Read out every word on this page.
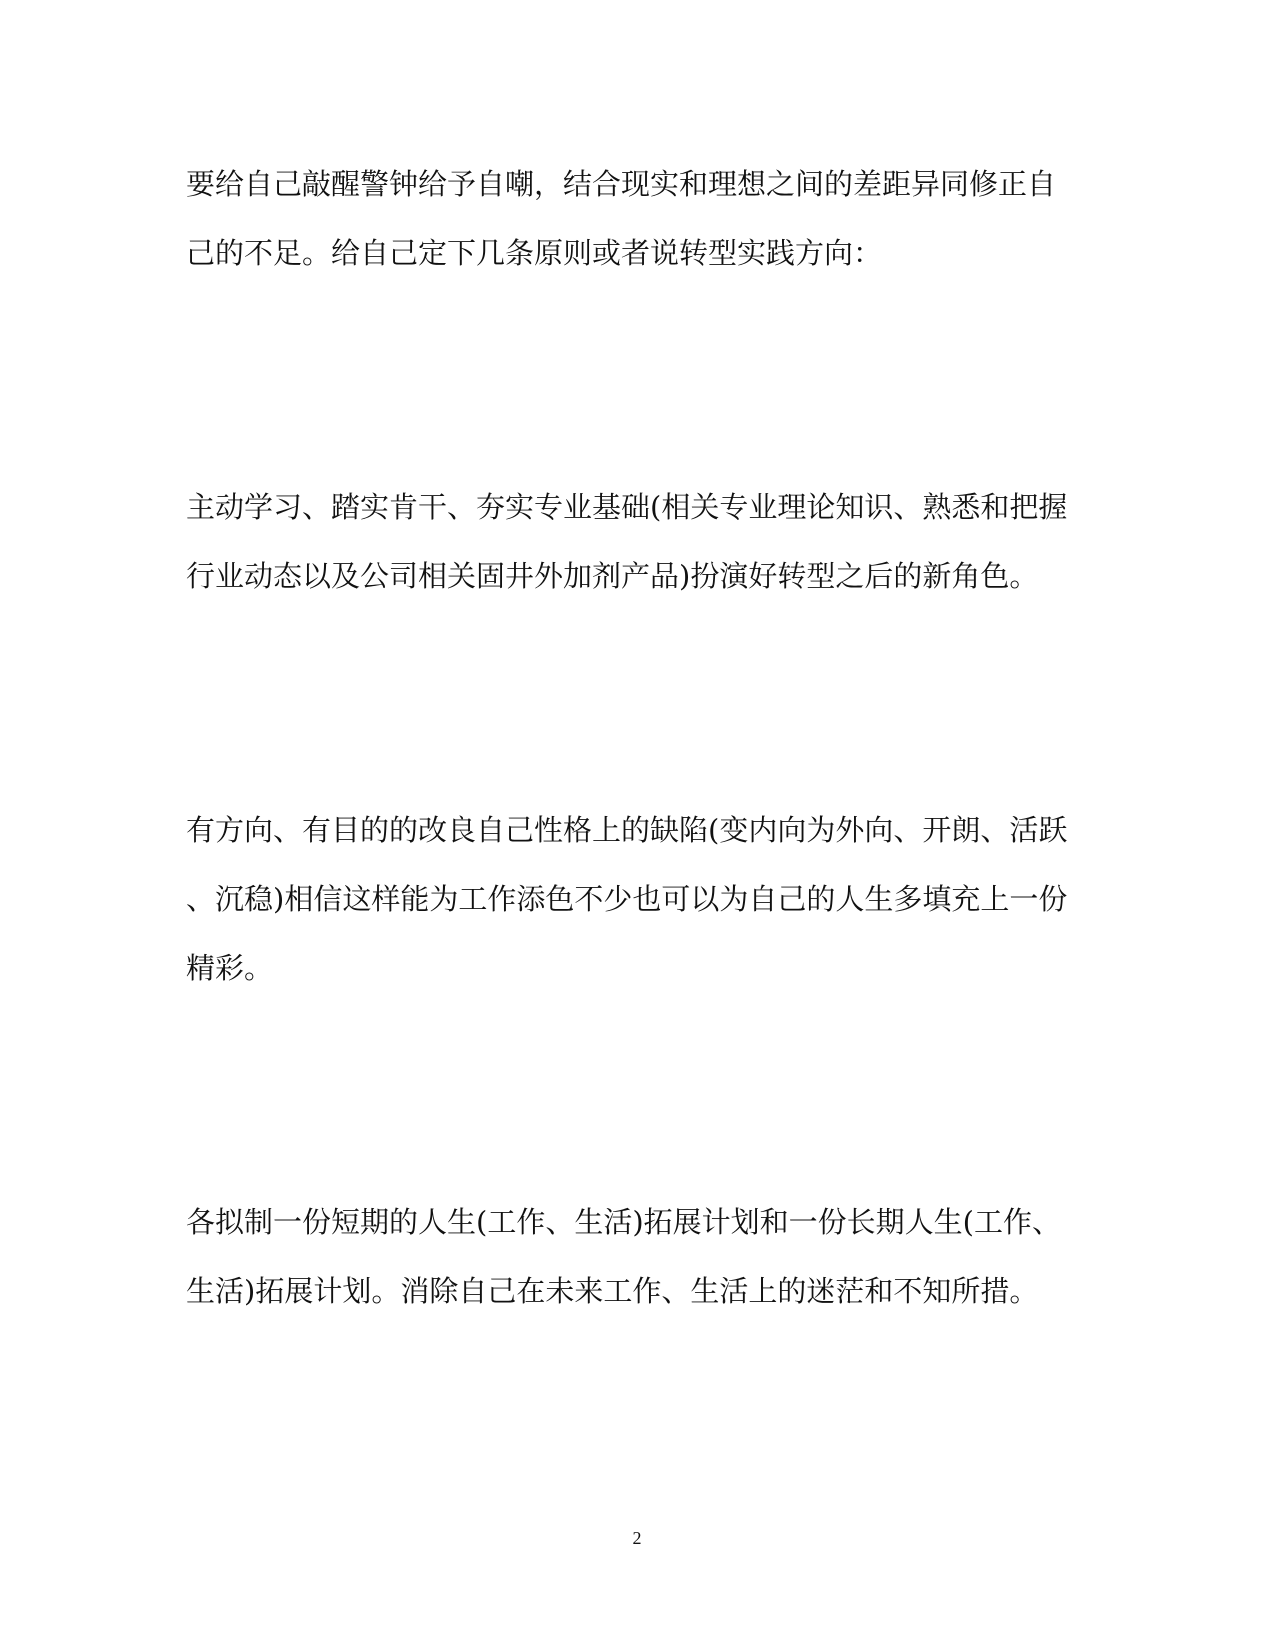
要给自己敲醒警钟给予自嘲，结合现实和理想之间的差距异同修正自
己的不足。给自己定下几条原则或者说转型实践方向：
主动学习、踏实肯干、夯实专业基础(相关专业理论知识、熟悉和把握
行业动态以及公司相关固井外加剂产品)扮演好转型之后的新角色。
有方向、有目的的改良自己性格上的缺陷(变内向为外向、开朗、活跃
、沉稳)相信这样能为工作添色不少也可以为自己的人生多填充上一份
精彩。
各拟制一份短期的人生(工作、生活)拓展计划和一份长期人生(工作、
生活)拓展计划。消除自己在未来工作、生活上的迷茫和不知所措。
2
